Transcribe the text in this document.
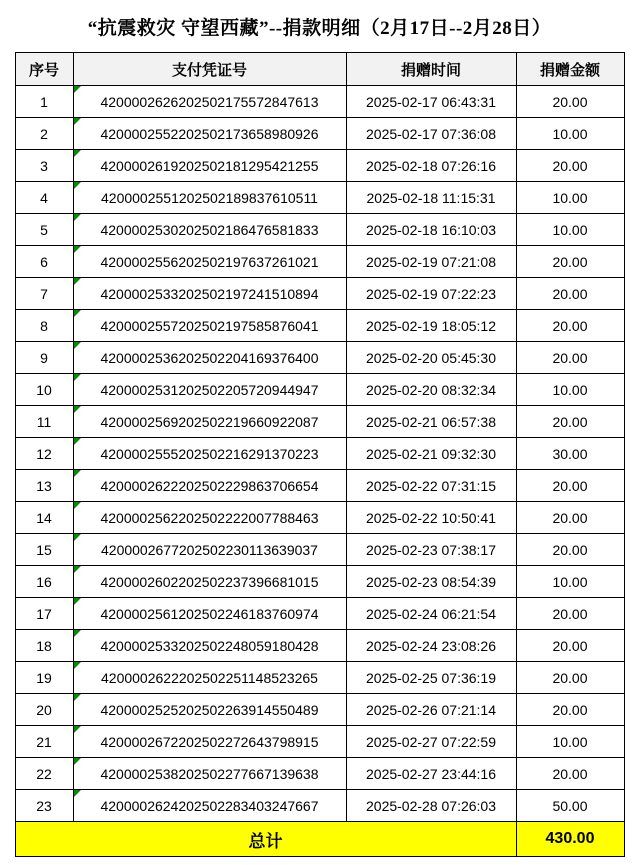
“抗震救灾 守望西藏”--捐款明细（2月17日--2月28日）
序号	支付凭证号	捐赠时间	捐赠金额
1	4200002626202502175572847613	2025-02-17 06:43:31	20.00
2	4200002552202502173658980926	2025-02-17 07:36:08	10.00
3	4200002619202502181295421255	2025-02-18 07:26:16	20.00
4	4200002551202502189837610511	2025-02-18 11:15:31	10.00
5	4200002530202502186476581833	2025-02-18 16:10:03	10.00
6	4200002556202502197637261021	2025-02-19 07:21:08	20.00
7	4200002533202502197241510894	2025-02-19 07:22:23	20.00
8	4200002557202502197585876041	2025-02-19 18:05:12	20.00
9	4200002536202502204169376400	2025-02-20 05:45:30	20.00
10	4200002531202502205720944947	2025-02-20 08:32:34	10.00
11	4200002569202502219660922087	2025-02-21 06:57:38	20.00
12	4200002555202502216291370223	2025-02-21 09:32:30	30.00
13	4200002622202502229863706654	2025-02-22 07:31:15	20.00
14	4200002562202502222007788463	2025-02-22 10:50:41	20.00
15	4200002677202502230113639037	2025-02-23 07:38:17	20.00
16	4200002602202502237396681015	2025-02-23 08:54:39	10.00
17	4200002561202502246183760974	2025-02-24 06:21:54	20.00
18	4200002533202502248059180428	2025-02-24 23:08:26	20.00
19	4200002622202502251148523265	2025-02-25 07:36:19	20.00
20	4200002525202502263914550489	2025-02-26 07:21:14	20.00
21	4200002672202502272643798915	2025-02-27 07:22:59	10.00
22	4200002538202502277667139638	2025-02-27 23:44:16	20.00
23	4200002624202502283403247667	2025-02-28 07:26:03	50.00
总计			430.00
